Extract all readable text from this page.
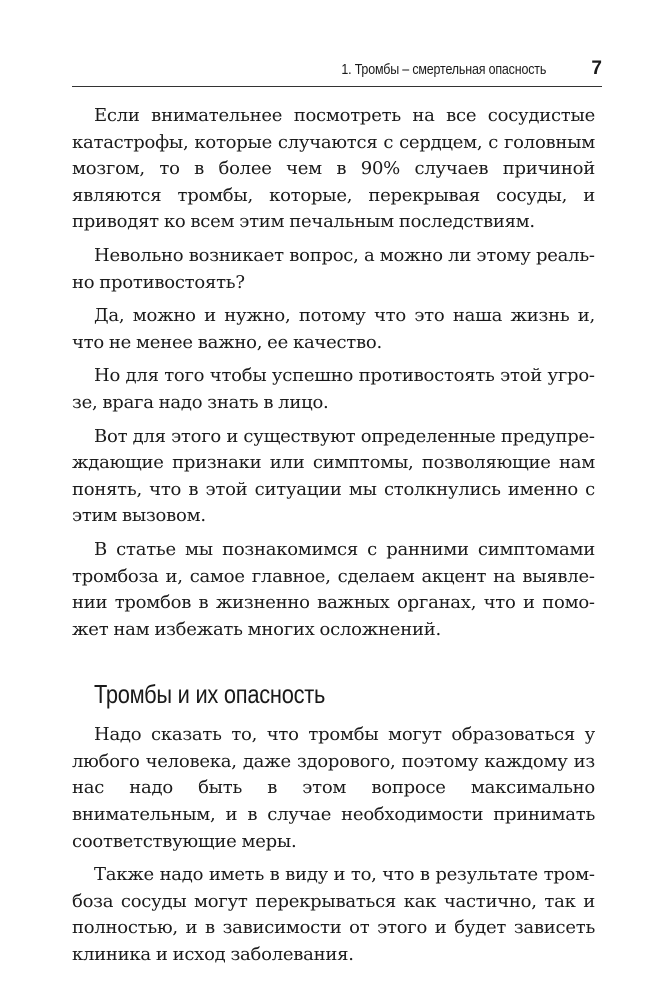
1. Тромбы – смертельная опасность 7

Если внимательнее посмотреть на все сосудистые катастрофы, которые случаются с сердцем, с головным мозгом, то в более чем в 90% случаев причиной являются тромбы, которые, перекрывая сосуды, и приводят ко всем этим печальным последствиям.

Невольно возникает вопрос, а можно ли этому реально противостоять?

Да, можно и нужно, потому что это наша жизнь и, что не менее важно, ее качество.

Но для того чтобы успешно противостоять этой угрозе, врага надо знать в лицо.

Вот для этого и существуют определенные предупреждающие признаки или симптомы, позволяющие нам понять, что в этой ситуации мы столкнулись именно с этим вызовом.

В статье мы познакомимся с ранними симптомами тромбоза и, самое главное, сделаем акцент на выявлении тромбов в жизненно важных органах, что и поможет нам избежать многих осложнений.

Тромбы и их опасность

Надо сказать то, что тромбы могут образоваться у любого человека, даже здорового, поэтому каждому из нас надо быть в этом вопросе максимально внимательным, и в случае необходимости принимать соответствующие меры.

Также надо иметь в виду и то, что в результате тромбоза сосуды могут перекрываться как частично, так и полностью, и в зависимости от этого и будет зависеть клиника и исход заболевания.
